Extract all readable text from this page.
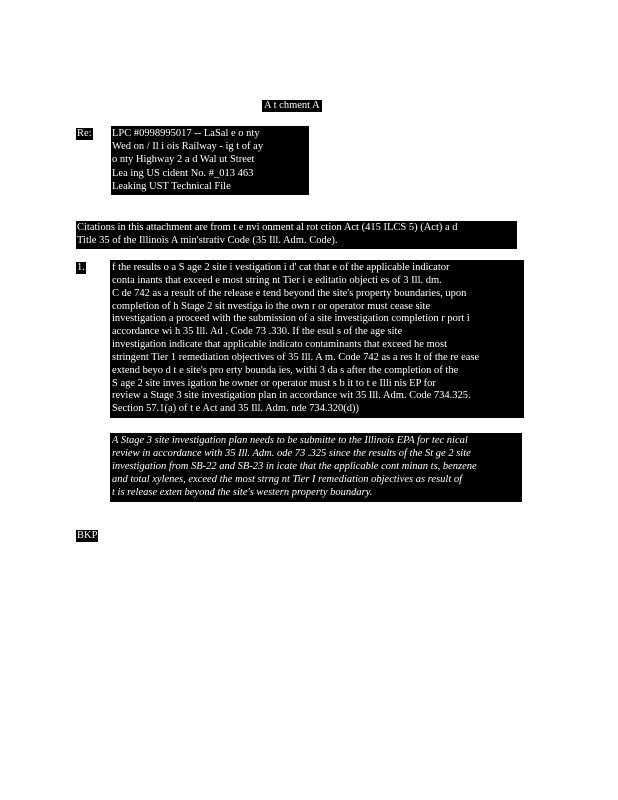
A t chment A
Re: LPC #0998995017 -- LaSal e o nty
Wed on / Il i ois Railway - ig t of ay
o nty Highway 2 a d Wal ut Street
Lea ing US cident No. #_013 463
Leaking UST Technical File
Citations in this attachment are from t e nvi onment al rot ction Act (415 ILCS 5) (Act) a d
Title 35 of the Illinois A min'strativ Code (35 Ill. Adm. Code).
1.	f the results o a S age 2 site i vestigation i d' cat that e of the applicable indicator
conta inants that exceed e most string nt Tier i e editatio objecti es of 3 Ill. dm.
C de 742 as a result of the release e tend beyond the site's property boundaries, upon
completion of h Stage 2 sit nvestiga io the own r or operator must cease site
investigation a proceed with the submission of a site investigation completion r port i
accordance wi h 35 Ill. Ad . Code 73 .330. If the esul s of the age site
investigation indicate that applicable indicato contaminants that exceed he most
stringent Tier 1 remediation objectives of 35 Ill. A m. Code 742 as a res lt of the re ease
extend beyo d t e site's pro erty bounda ies, withi 3 da s after the completion of the
S age 2 site inves igation he owner or operator must s b it to t e Illi nis EP for
review a Stage 3 site investigation plan in accordance wit 35 Ill. Adm. Code 734.325.
Section 57.1(a) of t e Act and 35 Ill. Adm. nde 734.320(d))
A Stage 3 site investigation plan needs to be submitte to the Illinois EPA for tec nical
review in accordance with 35 Ill. Adm. ode 73 .325 since the results of the St ge 2 site
investigation from SB-22 and SB-23 in icate that the applicable cont minan ts, benzene
and total xylenes, exceed the most strng nt Tier I remediation objectives as result of
t is release exten beyond the site's western property boundary.
BKP
